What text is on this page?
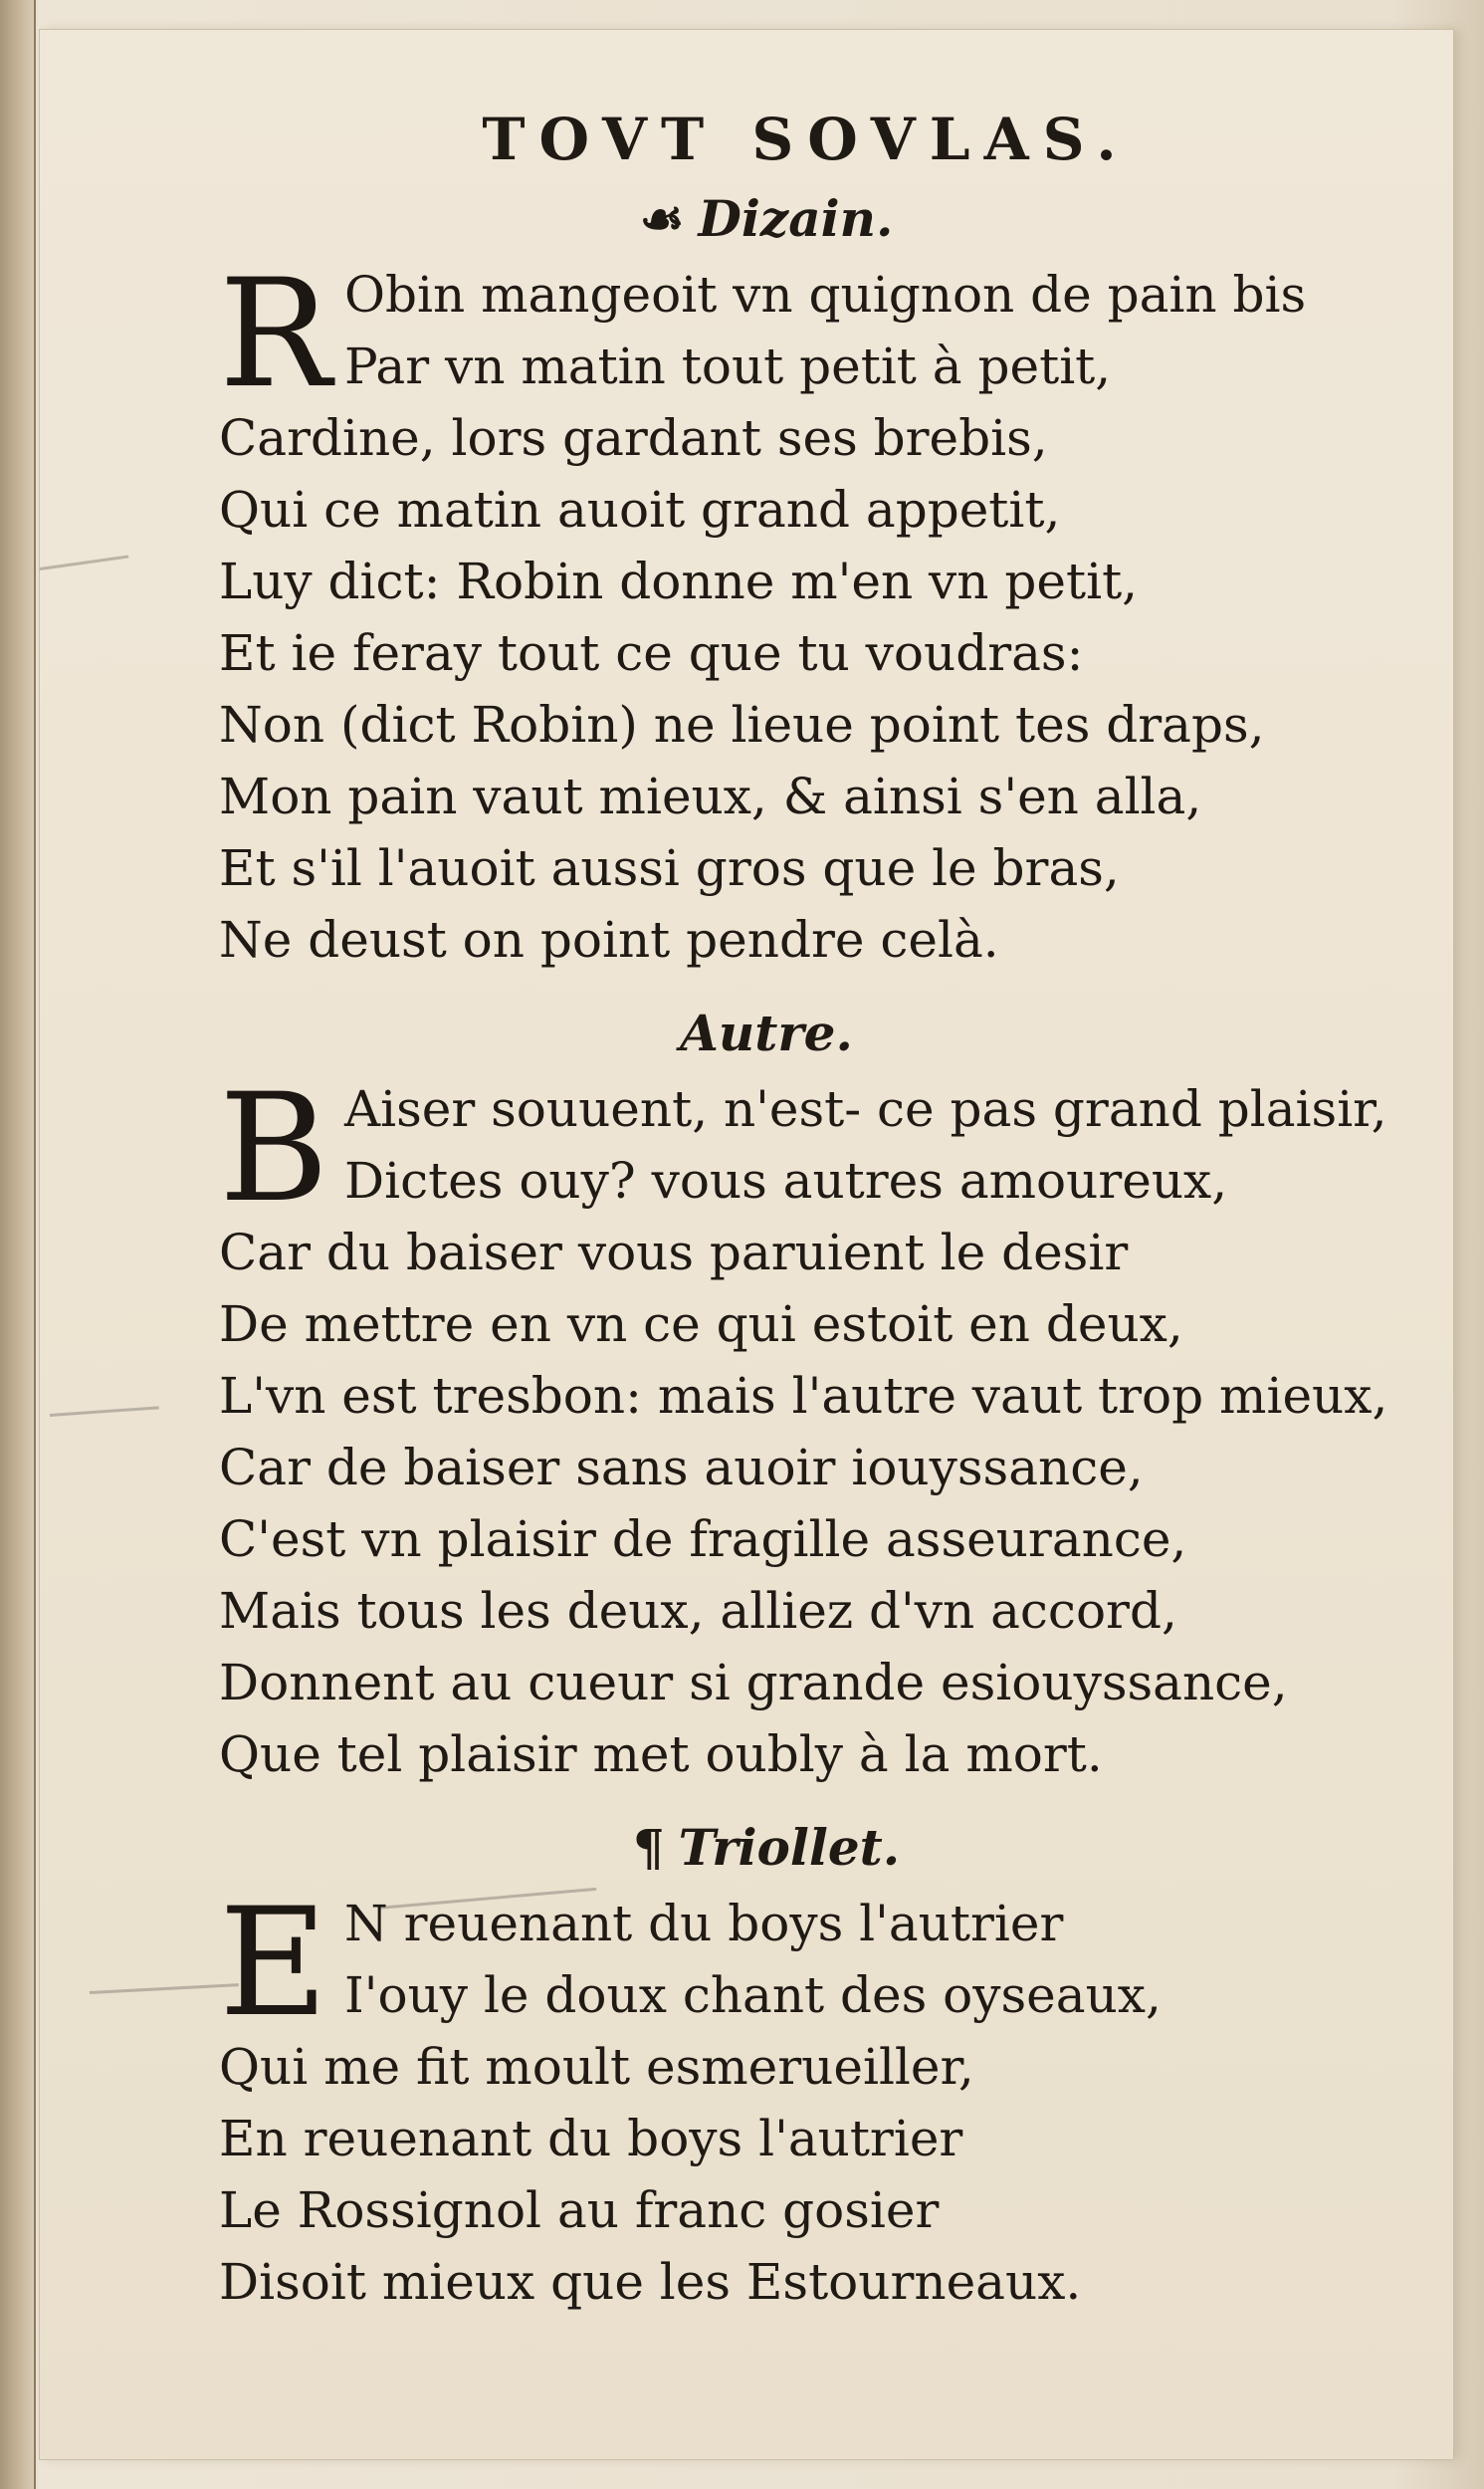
TOVT SOVLAS.
☙ Dizain.
R Obin mangeoit vn quignon de pain bis
Par vn matin tout petit à petit,
Cardine, lors gardant ses brebis,
Qui ce matin auoit grand appetit,
Luy dict: Robin donne m'en vn petit,
Et ie feray tout ce que tu voudras:
Non (dict Robin) ne lieue point tes draps,
Mon pain vaut mieux, & ainsi s'en alla,
Et s'il l'auoit aussi gros que le bras,
Ne deust on point pendre celà.
Autre.
B Aiser souuent, n'est- ce pas grand plaisir,
Dictes ouy? vous autres amoureux,
Car du baiser vous paruient le desir
De mettre en vn ce qui estoit en deux,
L'vn est tresbon: mais l'autre vaut trop mieux,
Car de baiser sans auoir iouyssance,
C'est vn plaisir de fragille asseurance,
Mais tous les deux, alliez d'vn accord,
Donnent au cueur si grande esiouyssance,
Que tel plaisir met oubly à la mort.
¶ Triollet.
E N reuenant du boys l'autrier
I'ouy le doux chant des oyseaux,
Qui me fit moult esmerueiller,
En reuenant du boys l'autrier
Le Rossignol au franc gosier
Disoit mieux que les Estourneaux.
